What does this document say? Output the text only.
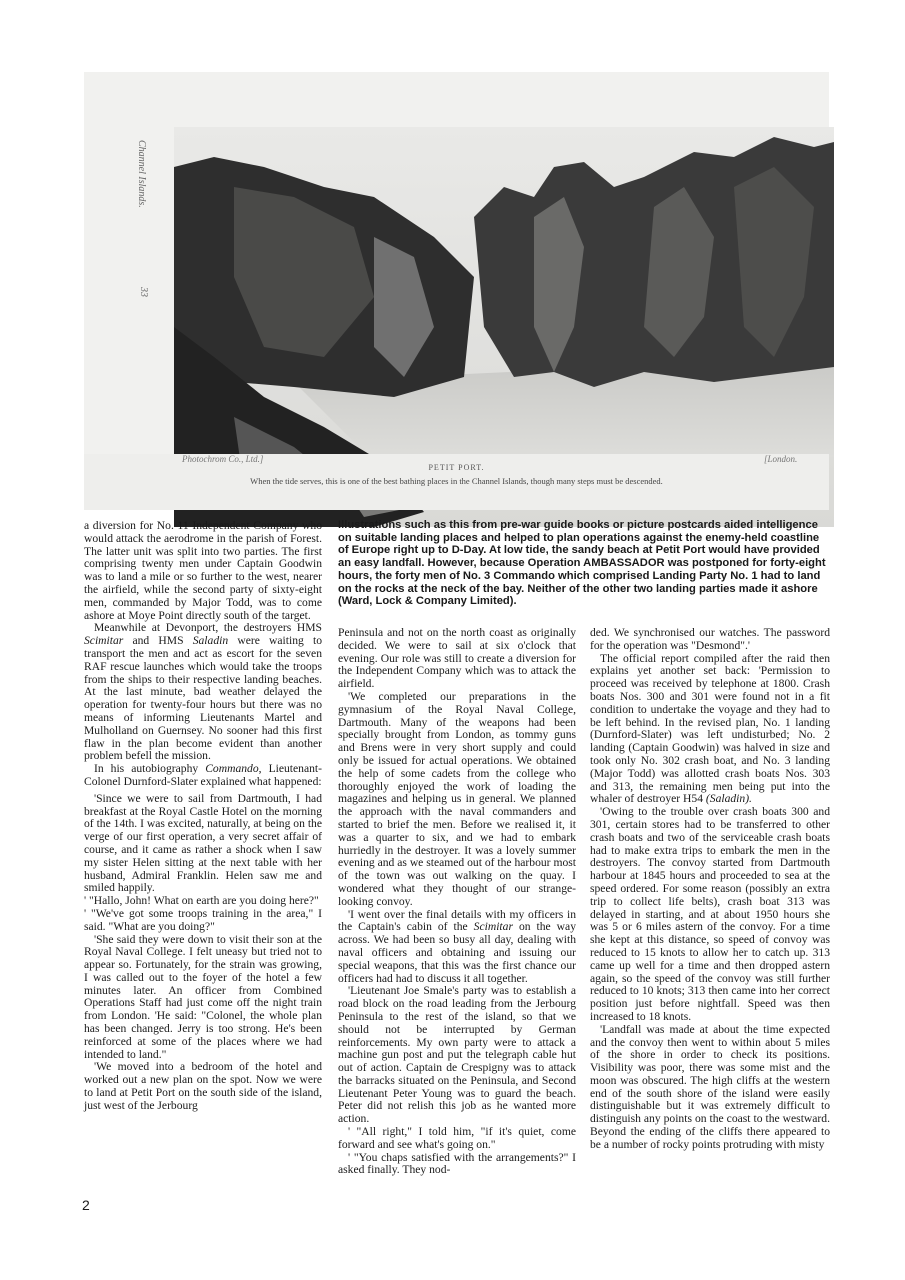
Channel Islands.
33
Photochrom Co., Ltd.]	[London.
PETIT PORT.
When the tide serves, this is one of the best bathing places in the Channel Islands, though many steps must be descended.
Illustrations such as this from pre-war guide books or picture postcards aided intelligence on suitable landing places and helped to plan operations against the enemy-held coastline of Europe right up to D-Day. At low tide, the sandy beach at Petit Port would have provided an easy landfall. However, because Operation AMBASSADOR was postponed for forty-eight hours, the forty men of No. 3 Commando which comprised Landing Party No. 1 had to land on the rocks at the neck of the bay. Neither of the other two landing parties made it ashore (Ward, Lock & Company Limited).

a diversion for No. 11 Independent Company who would attack the aerodrome in the parish of Forest. The latter unit was split into two parties. The first comprising twenty men under Captain Goodwin was to land a mile or so further to the west, nearer the airfield, while the second party of sixty-eight men, commanded by Major Todd, was to come ashore at Moye Point directly south of the target.

Meanwhile at Devonport, the destroyers HMS Scimitar and HMS Saladin were waiting to transport the men and act as escort for the seven RAF rescue launches which would take the troops from the ships to their respective landing beaches. At the last minute, bad weather delayed the operation for twenty-four hours but there was no means of informing Lieutenants Martel and Mulholland on Guernsey. No sooner had this first flaw in the plan become evident than another problem befell the mission.

In his autobiography Commando, Lieutenant-Colonel Durnford-Slater explained what happened:

'Since we were to sail from Dartmouth, I had breakfast at the Royal Castle Hotel on the morning of the 14th. I was excited, naturally, at being on the verge of our first operation, a very secret affair of course, and it came as rather a shock when I saw my sister Helen sitting at the next table with her husband, Admiral Franklin. Helen saw me and smiled happily.

' "Hallo, John! What on earth are you doing here?"

' "We've got some troops training in the area," I said. "What are you doing?"

'She said they were down to visit their son at the Royal Naval College. I felt uneasy but tried not to appear so. Fortunately, for the strain was growing, I was called out to the foyer of the hotel a few minutes later. An officer from Combined Operations Staff had just come off the night train from London. 'He said: "Colonel, the whole plan has been changed. Jerry is too strong. He's been reinforced at some of the places where we had intended to land."

'We moved into a bedroom of the hotel and worked out a new plan on the spot. Now we were to land at Petit Port on the south side of the island, just west of the Jerbourg

Peninsula and not on the north coast as originally decided. We were to sail at six o'clock that evening. Our role was still to create a diversion for the Independent Company which was to attack the airfield.

'We completed our preparations in the gymnasium of the Royal Naval College, Dartmouth. Many of the weapons had been specially brought from London, as tommy guns and Brens were in very short supply and could only be issued for actual operations. We obtained the help of some cadets from the college who thoroughly enjoyed the work of loading the magazines and helping us in general. We planned the approach with the naval commanders and started to brief the men. Before we realised it, it was a quarter to six, and we had to embark hurriedly in the destroyer. It was a lovely summer evening and as we steamed out of the harbour most of the town was out walking on the quay. I wondered what they thought of our strange-looking convoy.

'I went over the final details with my officers in the Captain's cabin of the Scimitar on the way across. We had been so busy all day, dealing with naval officers and obtaining and issuing our special weapons, that this was the first chance our officers had had to discuss it all together.

'Lieutenant Joe Smale's party was to establish a road block on the road leading from the Jerbourg Peninsula to the rest of the island, so that we should not be interrupted by German reinforcements. My own party were to attack a machine gun post and put the telegraph cable hut out of action. Captain de Crespigny was to attack the barracks situated on the Peninsula, and Second Lieutenant Peter Young was to guard the beach. Peter did not relish this job as he wanted more action.

' "All right," I told him, "if it's quiet, come forward and see what's going on."

' "You chaps satisfied with the arrangements?" I asked finally. They nod-

ded. We synchronised our watches. The password for the operation was "Desmond".'

The official report compiled after the raid then explains yet another set back: 'Permission to proceed was received by telephone at 1800. Crash boats Nos. 300 and 301 were found not in a fit condition to undertake the voyage and they had to be left behind. In the revised plan, No. 1 landing (Durnford-Slater) was left undisturbed; No. 2 landing (Captain Goodwin) was halved in size and took only No. 302 crash boat, and No. 3 landing (Major Todd) was allotted crash boats Nos. 303 and 313, the remaining men being put into the whaler of destroyer H54 (Saladin).

'Owing to the trouble over crash boats 300 and 301, certain stores had to be transferred to other crash boats and two of the serviceable crash boats had to make extra trips to embark the men in the destroyers. The convoy started from Dartmouth harbour at 1845 hours and proceeded to sea at the speed ordered. For some reason (possibly an extra trip to collect life belts), crash boat 313 was delayed in starting, and at about 1950 hours she was 5 or 6 miles astern of the convoy. For a time she kept at this distance, so speed of convoy was reduced to 15 knots to allow her to catch up. 313 came up well for a time and then dropped astern again, so the speed of the convoy was still further reduced to 10 knots; 313 then came into her correct position just before nightfall. Speed was then increased to 18 knots.

'Landfall was made at about the time expected and the convoy then went to within about 5 miles of the shore in order to check its positions. Visibility was poor, there was some mist and the moon was obscured. The high cliffs at the western end of the south shore of the island were easily distinguishable but it was extremely difficult to distinguish any points on the coast to the westward. Beyond the ending of the cliffs there appeared to be a number of rocky points protruding with misty

2
